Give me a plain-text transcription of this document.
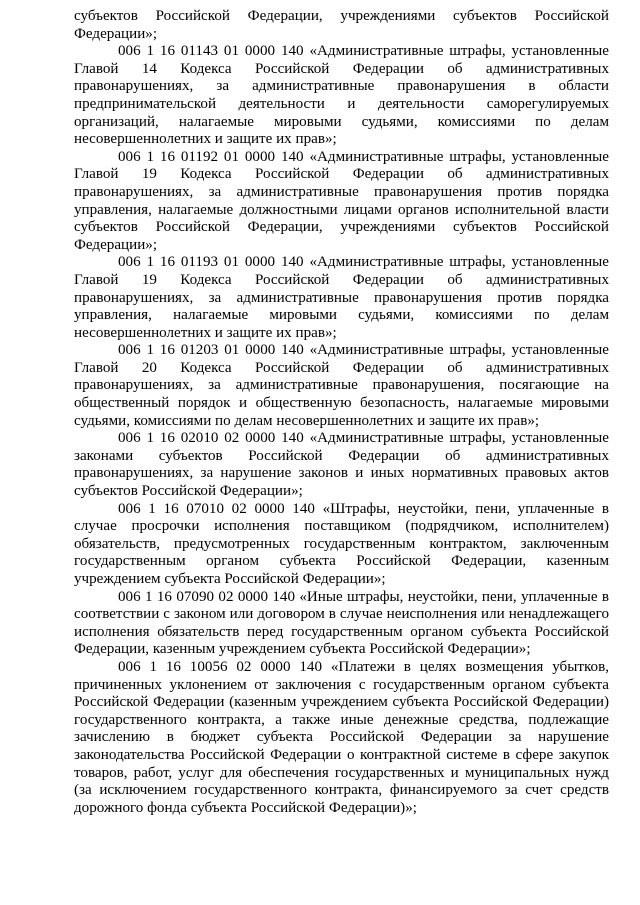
субъектов Российской Федерации, учреждениями субъектов Российской Федерации»;

006 1 16 01143 01 0000 140 «Административные штрафы, установленные Главой 14 Кодекса Российской Федерации об административных правонарушениях, за административные правонарушения в области предпринимательской деятельности и деятельности саморегулируемых организаций, налагаемые мировыми судьями, комиссиями по делам несовершеннолетних и защите их прав»;

006 1 16 01192 01 0000 140 «Административные штрафы, установленные Главой 19 Кодекса Российской Федерации об административных правонарушениях, за административные правонарушения против порядка управления, налагаемые должностными лицами органов исполнительной власти субъектов Российской Федерации, учреждениями субъектов Российской Федерации»;

006 1 16 01193 01 0000 140 «Административные штрафы, установленные Главой 19 Кодекса Российской Федерации об административных правонарушениях, за административные правонарушения против порядка управления, налагаемые мировыми судьями, комиссиями по делам несовершеннолетних и защите их прав»;

006 1 16 01203 01 0000 140 «Административные штрафы, установленные Главой 20 Кодекса Российской Федерации об административных правонарушениях, за административные правонарушения, посягающие на общественный порядок и общественную безопасность, налагаемые мировыми судьями, комиссиями по делам несовершеннолетних и защите их прав»;

006 1 16 02010 02 0000 140 «Административные штрафы, установленные законами субъектов Российской Федерации об административных правонарушениях, за нарушение законов и иных нормативных правовых актов субъектов Российской Федерации»;

006 1 16 07010 02 0000 140 «Штрафы, неустойки, пени, уплаченные в случае просрочки исполнения поставщиком (подрядчиком, исполнителем) обязательств, предусмотренных государственным контрактом, заключенным государственным органом субъекта Российской Федерации, казенным учреждением субъекта Российской Федерации»;

006 1 16 07090 02 0000 140 «Иные штрафы, неустойки, пени, уплаченные в соответствии с законом или договором в случае неисполнения или ненадлежащего исполнения обязательств перед государственным органом субъекта Российской Федерации, казенным учреждением субъекта Российской Федерации»;

006 1 16 10056 02 0000 140 «Платежи в целях возмещения убытков, причиненных уклонением от заключения с государственным органом субъекта Российской Федерации (казенным учреждением субъекта Российской Федерации) государственного контракта, а также иные денежные средства, подлежащие зачислению в бюджет субъекта Российской Федерации за нарушение законодательства Российской Федерации о контрактной системе в сфере закупок товаров, работ, услуг для обеспечения государственных и муниципальных нужд (за исключением государственного контракта, финансируемого за счет средств дорожного фонда субъекта Российской Федерации)»;
